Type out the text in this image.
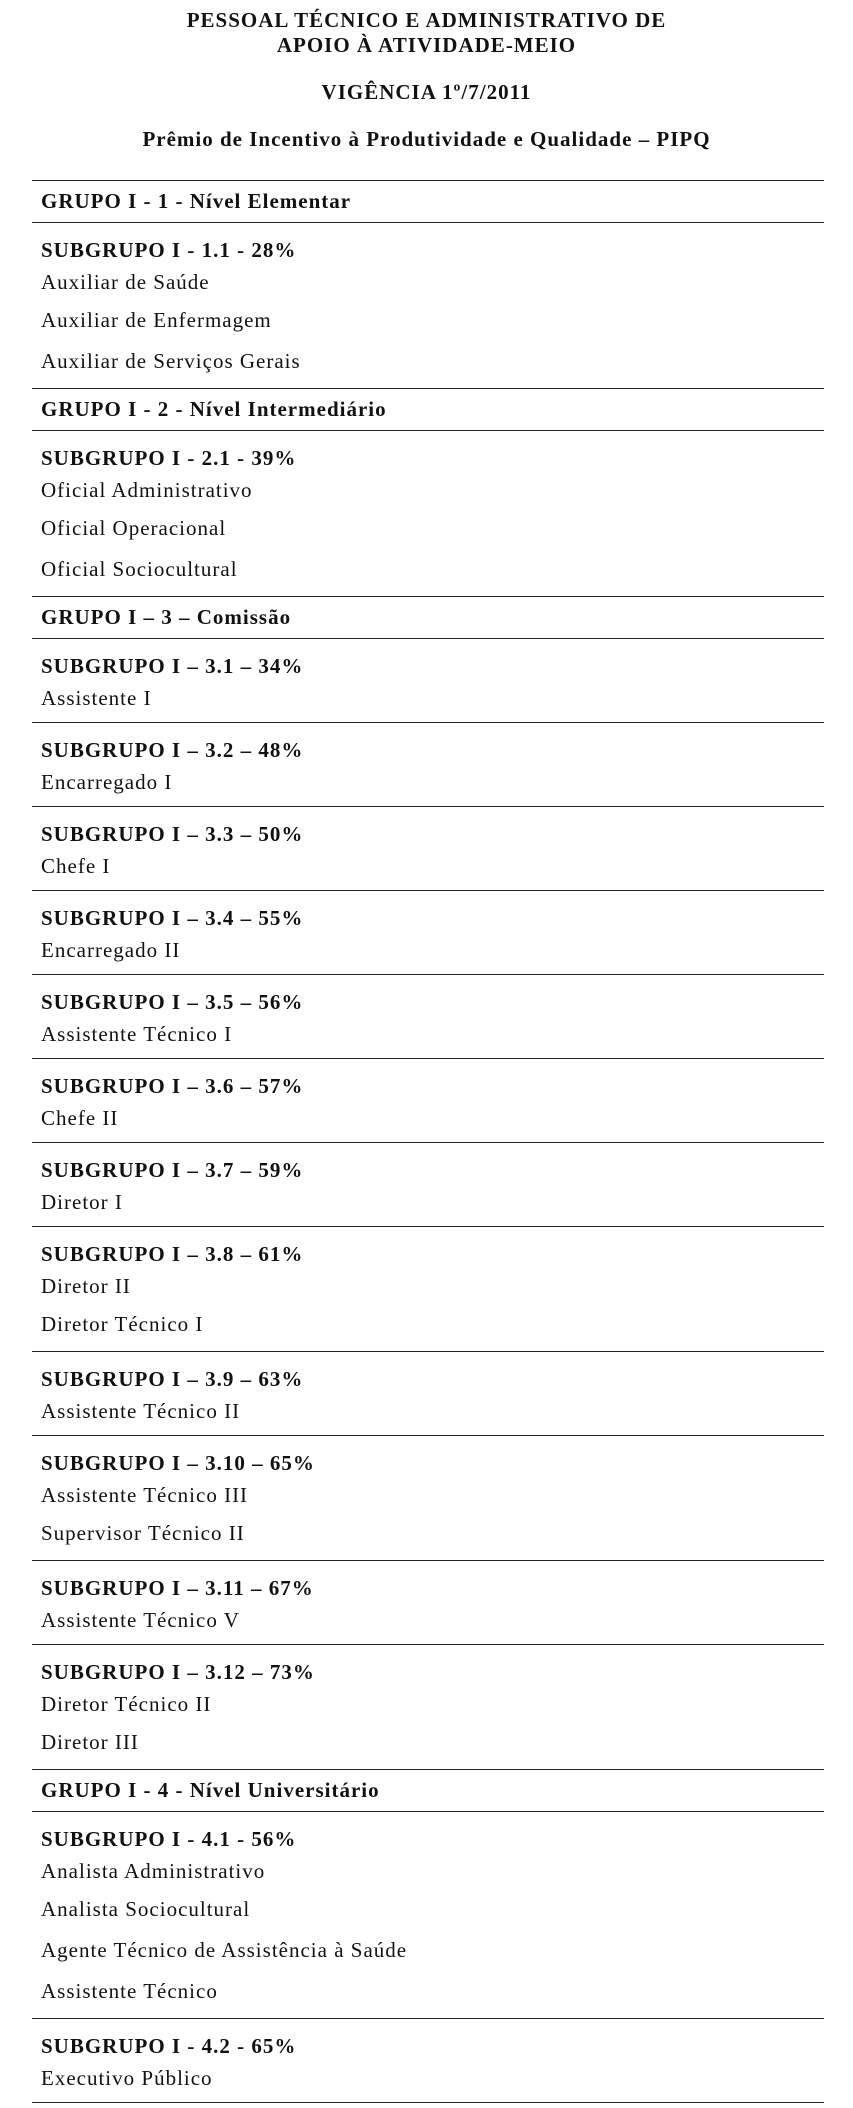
PESSOAL TÉCNICO E ADMINISTRATIVO DE
APOIO À ATIVIDADE-MEIO
VIGÊNCIA 1º/7/2011
Prêmio de Incentivo à Produtividade e Qualidade – PIPQ
GRUPO I - 1 - Nível Elementar
SUBGRUPO I - 1.1 - 28%
Auxiliar de Saúde
Auxiliar de Enfermagem
Auxiliar de Serviços Gerais
GRUPO I - 2 - Nível Intermediário
SUBGRUPO I - 2.1 - 39%
Oficial Administrativo
Oficial Operacional
Oficial Sociocultural
GRUPO I – 3 – Comissão
SUBGRUPO I – 3.1 – 34%
Assistente I
SUBGRUPO I – 3.2 – 48%
Encarregado I
SUBGRUPO I – 3.3 – 50%
Chefe I
SUBGRUPO I – 3.4 – 55%
Encarregado II
SUBGRUPO I – 3.5 – 56%
Assistente Técnico I
SUBGRUPO I – 3.6 – 57%
Chefe II
SUBGRUPO I – 3.7 – 59%
Diretor I
SUBGRUPO I – 3.8 – 61%
Diretor II
Diretor Técnico I
SUBGRUPO I – 3.9 – 63%
Assistente Técnico II
SUBGRUPO I – 3.10 – 65%
Assistente Técnico III
Supervisor Técnico II
SUBGRUPO I – 3.11 – 67%
Assistente Técnico V
SUBGRUPO I – 3.12 – 73%
Diretor Técnico II
Diretor III
GRUPO I - 4 - Nível Universitário
SUBGRUPO I - 4.1 - 56%
Analista Administrativo
Analista Sociocultural
Agente Técnico de Assistência à Saúde
Assistente Técnico
SUBGRUPO I - 4.2 - 65%
Executivo Público
